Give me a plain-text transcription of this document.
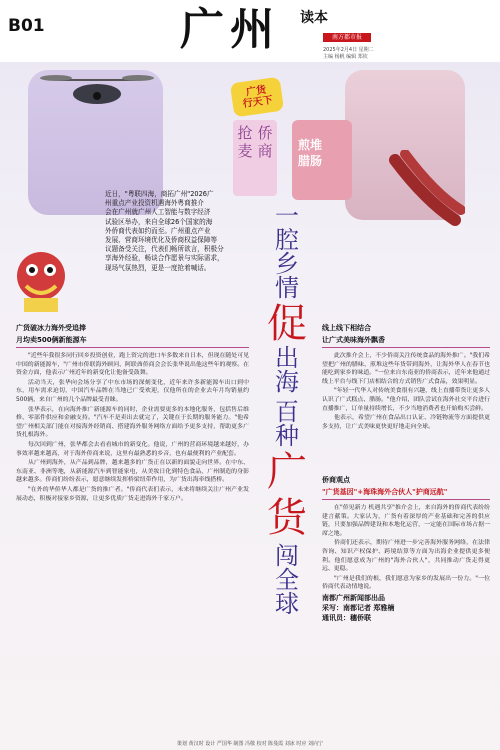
B01	广州 读本
南方都市报
2025年2月4日 星期二
主编 杨帆 编辑 郑钦
煎堆
腊肠
广货
行天下
侨商
抢麦
近日，"粤联四海，商拓广州"2026广
州重点产业投资机遇海外粤商推介
会在广州就广州人工智能与数字经济
试验区举办，来自全球26个国家的海
外侨商代表如约而至。广州重点产业
发展、营商环境优化及侨商权益保障等
议题备受关注，代表们畅所欲言，积极分
享海外经验，畅谈合作愿景与实际需求，
现场气氛热烈，更是一度抢着喊话。
一
腔
乡
情
促
出
海
百
种
广
货
闯
全
球
广货破冰力海外受追捧
月均卖500俩新能源车

"近些年我很多同行回乡投资创业，跑上资完的进口车多数来自日本，但现在随处可见中国的新能源车，"广州市侨联海外顾问、阿联酋侨商会会长张华说出他这些年的观察。在资金方面，他表示广州近年的新变化让他备受鼓舞。

活动当天，张华向会场分享了中东市场的深刻变化，近年来许多新能源车出口到中东，用车需求迫切，中国汽车品牌在当地已广受欢迎，仅他所在的企业去年月均销量约500辆，来自广州的几个品牌最受青睐。

张华表示，在向海外推广新能源车的同时，企业需要更多的本地化服务，包括售后维修、零部件供应和金融支持。"汽车不是卖出去就完了，关键在于长期的服务能力。"他希望广州相关部门能在对接海外经销商、搭建海外服务网络方面给予更多支持，帮助更多广货扎根海外。

每次回到广州，张华都会去看看城市的新变化。他说，广州的营商环境越来越好，办事效率越来越高，对于海外侨商来说，这里有最熟悉的乡音，也有最便利的产业配套。

从广州到海外，从产品到品牌，越来越多的广货正在以新的面貌走向世界。在中东、东南亚、非洲等地，从新能源汽车到智能家电，从美妆日化到特色食品，广州制造的身影越来越多。侨商们纷纷表示，愿意继续发挥桥梁纽带作用，为广货出海牵线搭桥。

"在外的华侨华人都是广货的推广者。"侨商代表们表示，未来将继续关注广州产业发展动态，积极对接家乡资源，让更多优质广货走进海外千家万户。

线上线下相结合
让广式美味海外飘香

此次推介会上，不少侨商关注传统食品的海外推广。"我们希望把广州的腊味、煎堆这些年货带到海外，让海外华人在春节也能吃到家乡的味道。"一位来自东南亚的侨商表示，近年来他通过线上平台与线下门店相结合的方式销售广式食品，效果明显。

"年轻一代华人对传统美食很有兴趣，线上直播带货让更多人认识了广式糕点、腊肠。"他介绍，团队尝试在海外社交平台进行直播推广，订单量持续增长，不少当地消费者也开始购买尝鲜。

他表示，希望广州在食品出口认证、冷链物流等方面提供更多支持，让广式美味更快更好地走向全球。

侨商观点
"广货基因"+海珠海外合伙人"护商远航"

在"侨见新力 机遇共享"推介会上，来自海外的侨商代表纷纷建言献策。大家认为，广货有着深厚的产业基础和完善的供应链，只要加强品牌建设和本地化运营，一定能在国际市场占据一席之地。

侨商们还表示，期待广州进一步完善海外服务网络，在法律咨询、知识产权保护、跨境结算等方面为出海企业提供更多便利。他们愿意成为广州的"海外合伙人"，共同推动广货走得更远、更稳。

"广州是我们的根，我们愿意为家乡的发展出一份力。"一位侨商代表动情地说。

南都广州新闻部出品
采写：南都记者 郑雅楠
通讯员：穗侨联
策划 黄汉时 设计 严国华 制图 冯敬 校对 陈曼霞 刘冰 时应 刘向宁
